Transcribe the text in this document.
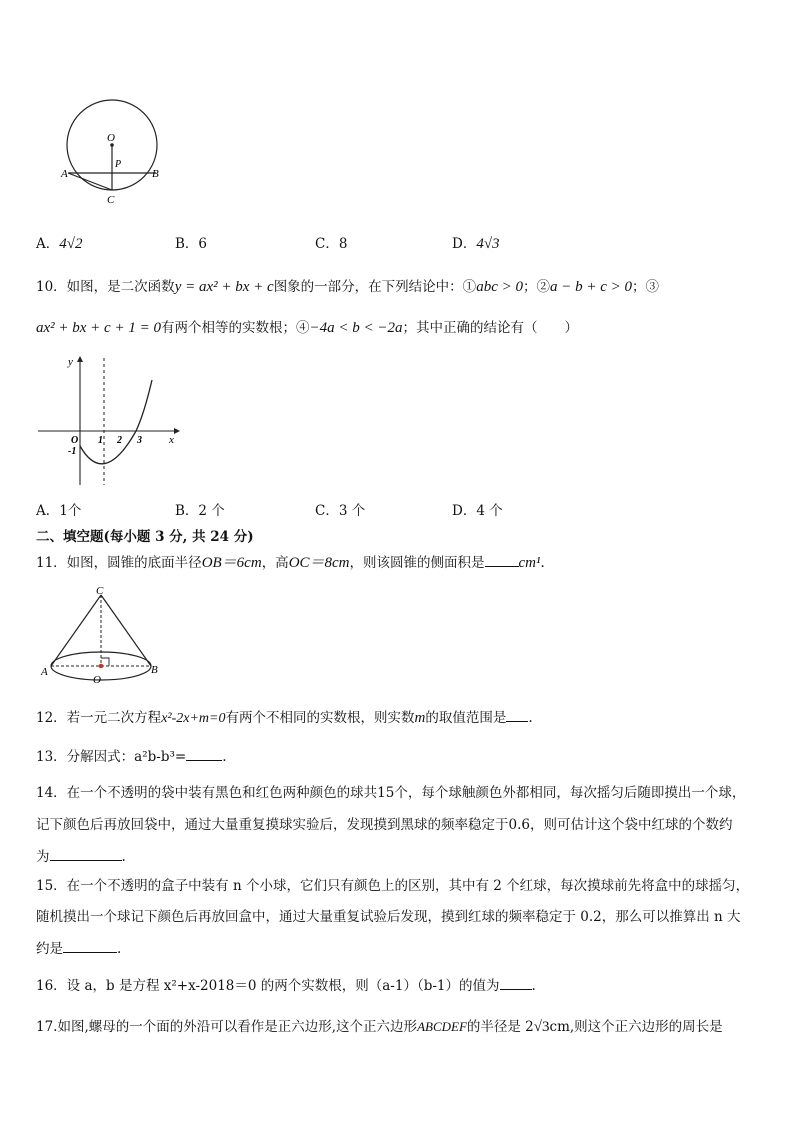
O
P
A	B
C
A．4√2	B．6	C．8	D．4√3
10．如图，是二次函数y = ax² + bx + c图象的一部分，在下列结论中：①abc > 0；②a − b + c > 0；③
ax² + bx + c + 1 = 0有两个相等的实数根；④−4a < b < −2a；其中正确的结论有（　　）
y
x
O 1 2 3
-1
A．1个	B．2 个	C．3 个	D．4 个
二、填空题(每小题 3 分, 共 24 分)
11．如图，圆锥的底面半径OB＝6cm，高OC＝8cm，则该圆锥的侧面积是 cm¹.
C
A	B
O
12．若一元二次方程x²-2x+m=0有两个不相同的实数根，则实数m的取值范围是 .
13．分解因式：a²b-b³=	.
14．在一个不透明的袋中装有黑色和红色两种颜色的球共15个，每个球触颜色外都相同，每次摇匀后随即摸出一个球，
记下颜色后再放回袋中，通过大量重复摸球实验后，发现摸到黑球的频率稳定于0.6，则可估计这个袋中红球的个数约
为	.
15．在一个不透明的盒子中装有 n 个小球，它们只有颜色上的区别，其中有 2 个红球，每次摸球前先将盒中的球摇匀，
随机摸出一个球记下颜色后再放回盒中，通过大量重复试验后发现，摸到红球的频率稳定于 0.2，那么可以推算出 n 大
约是	.
16．设 a，b 是方程 x²+x-2018＝0 的两个实数根，则（a-1）（b-1）的值为 .
17.如图,螺母的一个面的外沿可以看作是正六边形,这个正六边形ABCDEF的半径是 2√3cm,则这个正六边形的周长是
